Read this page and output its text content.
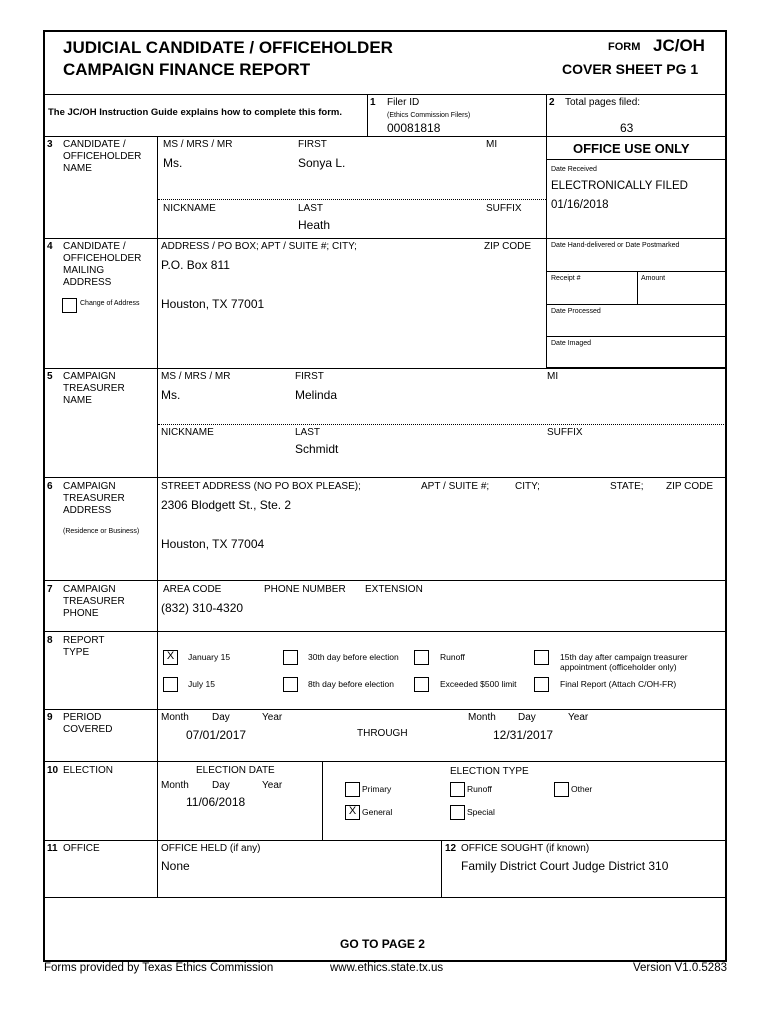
JUDICIAL CANDIDATE / OFFICEHOLDER
CAMPAIGN FINANCE REPORT
FORM JC/OH
COVER SHEET PG 1
The JC/OH Instruction Guide explains how to complete this form.
1 Filer ID
(Ethics Commission Filers)
00081818
2 Total pages filed:
63
OFFICE USE ONLY
Date Received
ELECTRONICALLY FILED
01/16/2018
Date Hand-delivered or Date Postmarked
Receipt #	Amount
Date Processed
Date Imaged
3 CANDIDATE / OFFICEHOLDER NAME
MS / MRS / MR	FIRST	MI
Ms.	Sonya L.
NICKNAME	LAST	SUFFIX
Heath
4 CANDIDATE / OFFICEHOLDER MAILING ADDRESS
Change of Address
ADDRESS / PO BOX; APT / SUITE #; CITY;	ZIP CODE
P.O. Box 811
Houston, TX 77001
5 CAMPAIGN TREASURER NAME
MS / MRS / MR	FIRST	MI
Ms.	Melinda
NICKNAME	LAST	SUFFIX
Schmidt
6 CAMPAIGN TREASURER ADDRESS
(Residence or Business)
STREET ADDRESS (NO PO BOX PLEASE);	APT / SUITE #;	CITY;	STATE; ZIP CODE
2306 Blodgett St., Ste. 2
Houston, TX 77004
7 CAMPAIGN TREASURER PHONE
AREA CODE	PHONE NUMBER EXTENSION
(832) 310-4320
8 REPORT TYPE	X	January 15	30th day before election	Runoff	15th day after campaign treasurer appointment (officeholder only)
July 15	8th day before election	Exceeded $500 limit	Final Report (Attach C/OH-FR)
9 PERIOD COVERED
Month Day	Year
07/01/2017	THROUGH
Month Day	Year
12/31/2017
10 ELECTION	ELECTION DATE
Month Day	Year
11/06/2018
ELECTION TYPE
Primary	Runoff	Other
X General	Special
11 OFFICE	OFFICE HELD (if any)
None
12 OFFICE SOUGHT (if known)
Family District Court Judge District 310
GO TO PAGE 2
Forms provided by Texas Ethics Commission	www.ethics.state.tx.us	Version V1.0.5283
